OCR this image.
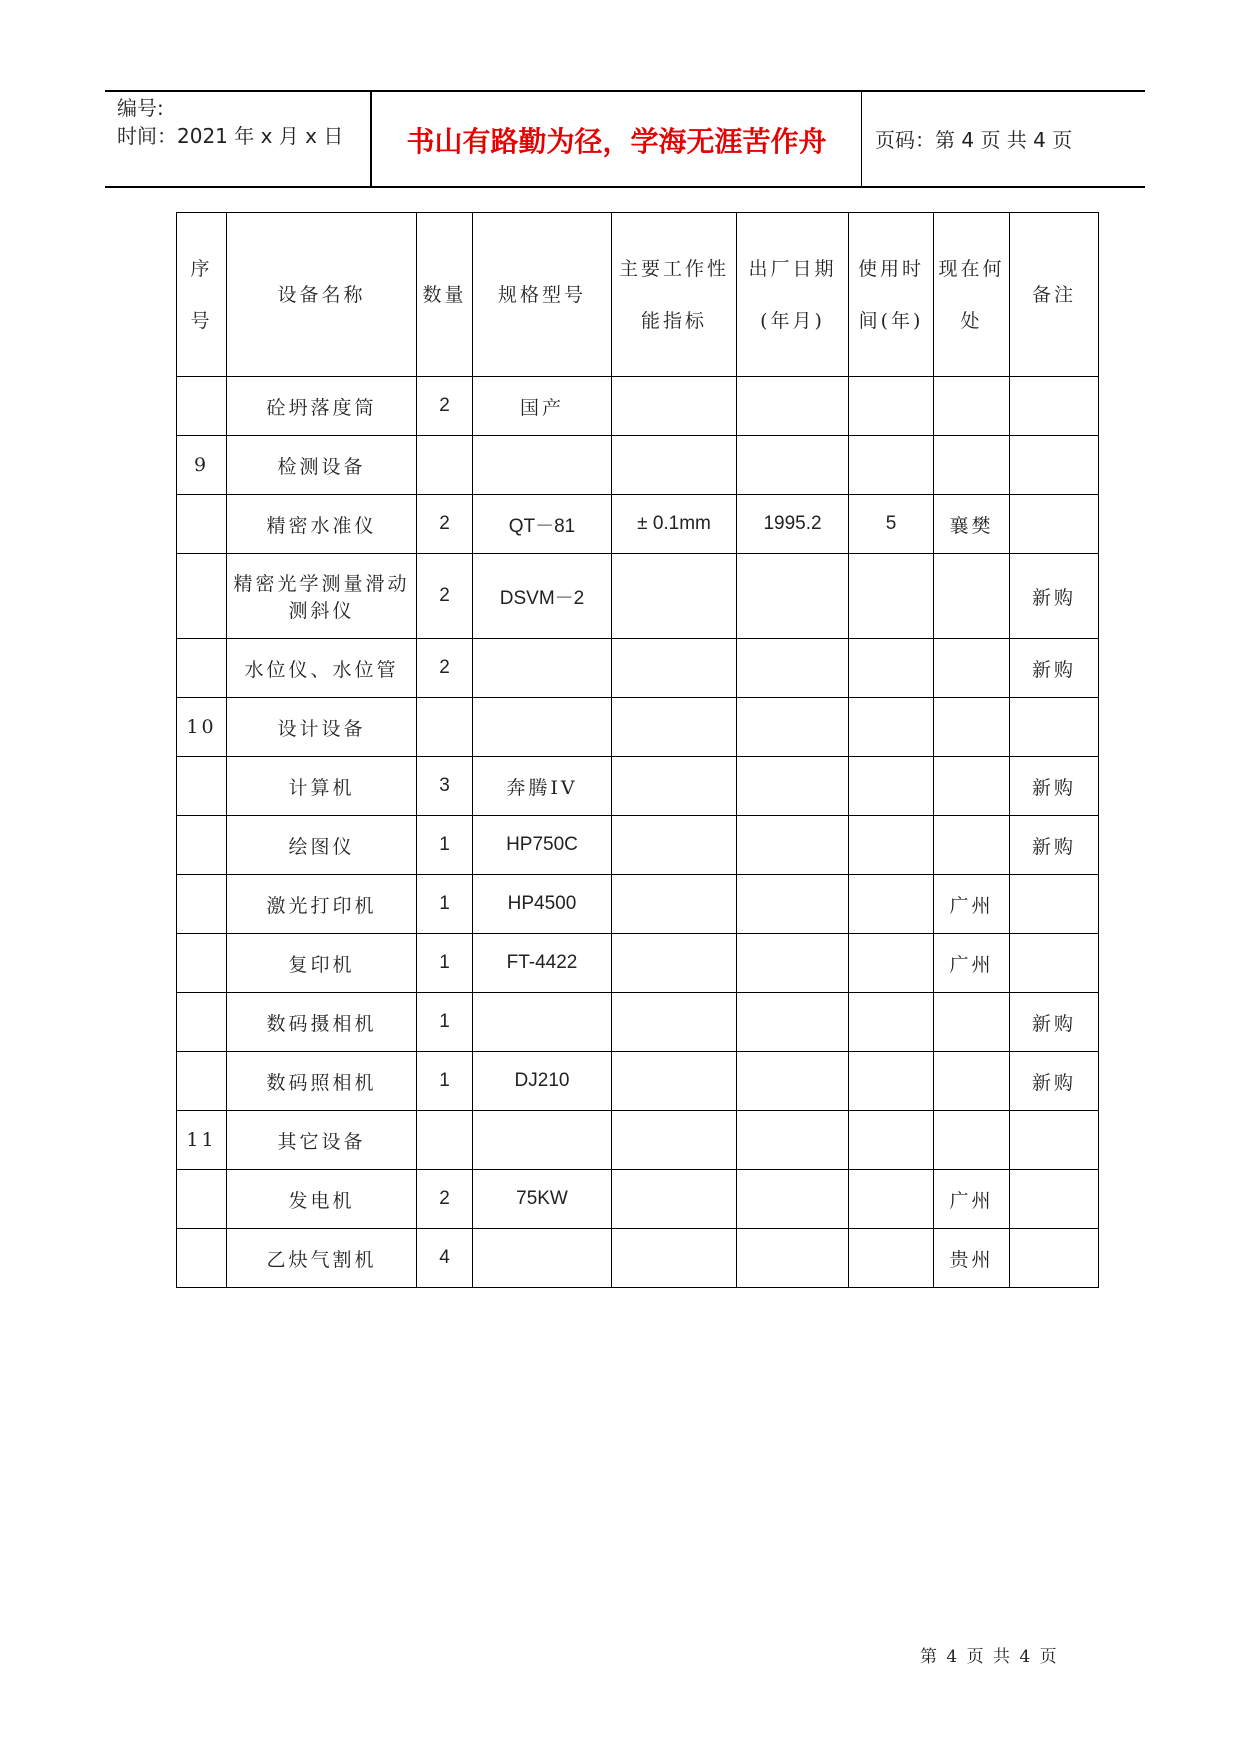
编号:
时间：2021 年 x 月 x 日	书山有路勤为径，学海无涯苦作舟	页码：第 4 页 共 4 页
序号	设备名称	数量	规格型号	主要工作性能指标	出厂日期(年月)	使用时间(年)	现在何处	备注
	砼坍落度筒	2	国产					
9	检测设备							
	精密水准仪	2	QT－81	± 0.1mm	1995.2	5	襄樊	
	精密光学测量滑动测斜仪	2	DSVM－2					新购
	水位仪、水位管	2						新购
10	设计设备							
	计算机	3	奔腾IV					新购
	绘图仪	1	HP750C					新购
	激光打印机	1	HP4500				广州	
	复印机	1	FT-4422				广州	
	数码摄相机	1						新购
	数码照相机	1	DJ210					新购
11	其它设备							
	发电机	2	75KW				广州	
	乙炔气割机	4					贵州	
第 4 页 共 4 页
